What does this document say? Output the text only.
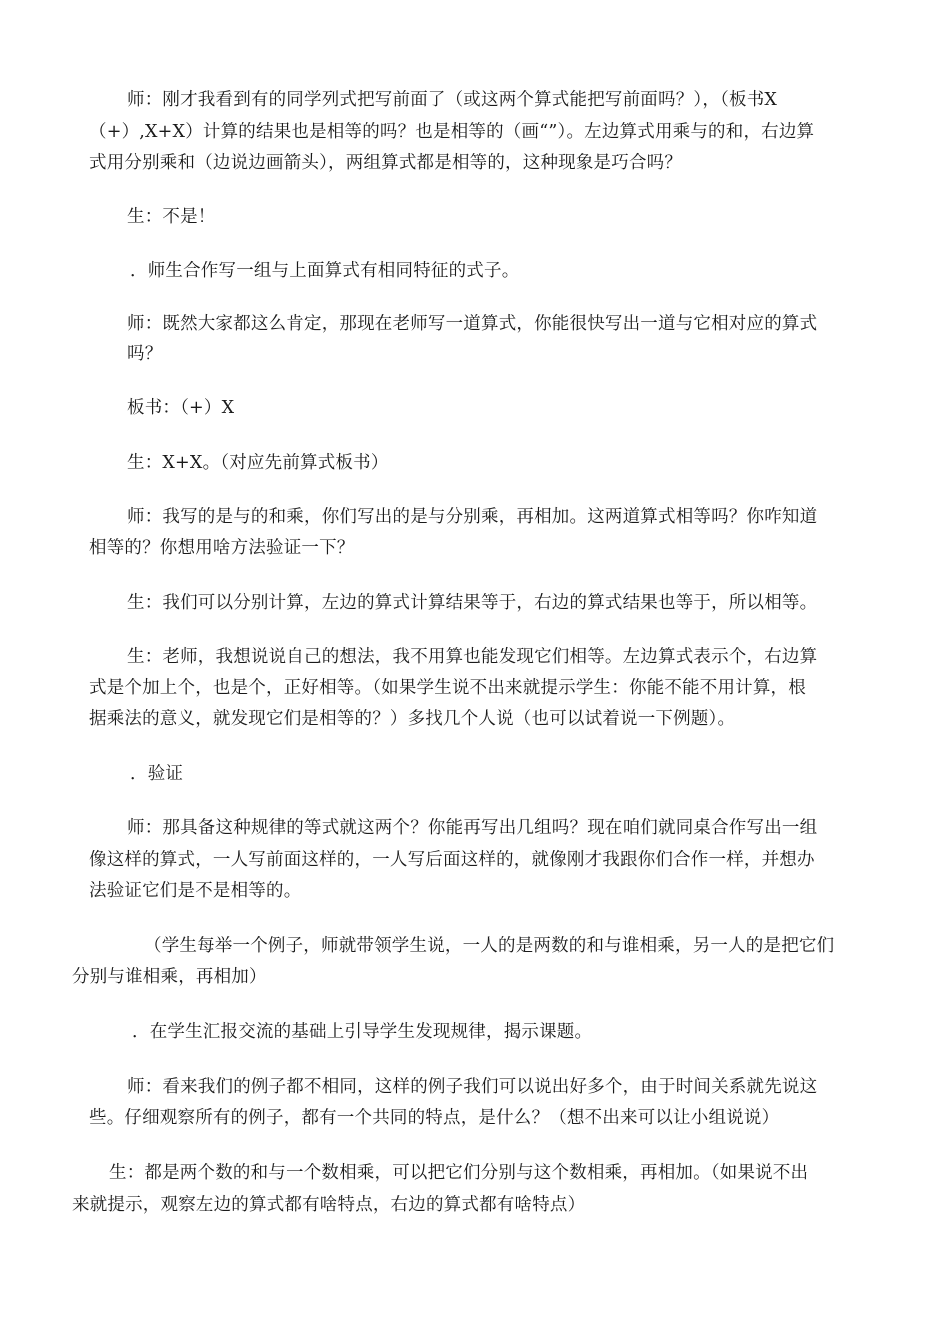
师：刚才我看到有的同学列式把写前面了（或这两个算式能把写前面吗？），（板书X
（+）,X+X）计算的结果也是相等的吗？也是相等的（画“”）。左边算式用乘与的和，右边算
式用分别乘和（边说边画箭头），两组算式都是相等的，这种现象是巧合吗？
生：不是！
．师生合作写一组与上面算式有相同特征的式子。
师：既然大家都这么肯定，那现在老师写一道算式，你能很快写出一道与它相对应的算式
吗？
板书：（+）X
生：X+X。（对应先前算式板书）
师：我写的是与的和乘，你们写出的是与分别乘，再相加。这两道算式相等吗？你咋知道
相等的？你想用啥方法验证一下？
生：我们可以分别计算，左边的算式计算结果等于，右边的算式结果也等于，所以相等。
生：老师，我想说说自己的想法，我不用算也能发现它们相等。左边算式表示个，右边算
式是个加上个，也是个，正好相等。（如果学生说不出来就提示学生：你能不能不用计算，根
据乘法的意义，就发现它们是相等的？）多找几个人说（也可以试着说一下例题）。
．验证
师：那具备这种规律的等式就这两个？你能再写出几组吗？现在咱们就同桌合作写出一组
像这样的算式，一人写前面这样的，一人写后面这样的，就像刚才我跟你们合作一样，并想办
法验证它们是不是相等的。
（学生每举一个例子，师就带领学生说，一人的是两数的和与谁相乘，另一人的是把它们
分别与谁相乘，再相加）
．在学生汇报交流的基础上引导学生发现规律，揭示课题。
师：看来我们的例子都不相同，这样的例子我们可以说出好多个，由于时间关系就先说这
些。仔细观察所有的例子，都有一个共同的特点，是什么？（想不出来可以让小组说说）
生：都是两个数的和与一个数相乘，可以把它们分别与这个数相乘，再相加。（如果说不出
来就提示，观察左边的算式都有啥特点，右边的算式都有啥特点）
